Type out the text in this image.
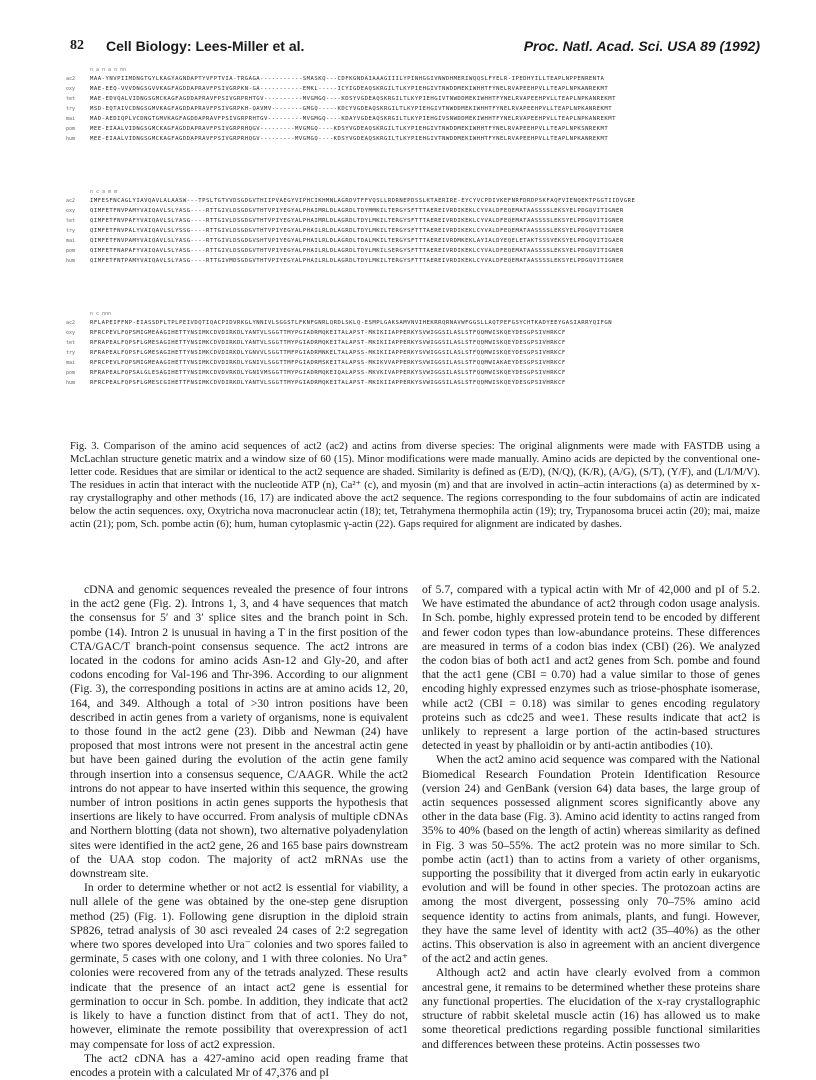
82 Cell Biology: Lees-Miller et al.	Proc. Natl. Acad. Sci. USA 89 (1992)
n a n a n nn
ac2	MAA-YNVPIIMDNGTGYLKAGYAGNDAPTYVFPTVIA-TRGAGA-----------SMASKQ---CDFKGNDAIAAAGIIILYPINHGGIVNWDHMERIWQQSLFYELR-IPEDHYILLTEAPLNPPENRENTA
oxy	MAE-EEQ-VVVDNGSGVVKAGFAGDDAPRAVFPSIVGRPKN-GA-----------EMKL-----ICYIGDEAQSKRGILTLKYPIEHGIVTNWDDMEKIWHHTFYNELRVAPEEHPVLLTEAPLNPKANREKMT
tet	MAE-EDVQALVIDNGSGMCKAGFAGDDAPRAVFPSIVGRPRHTGV----------MVGMGQ----KDSYVGDEAQSKRGILTLKYPIEHGIVTNWDDMEKIWHHTFYNELRVAPEEHPVLLTEAPLNPKANREKMT
try	MSD-EQTAIVCDNGSGMVKAGFAGDDAPRAVFPSIVGRPKH-QAVMV--------GMGQ-----KDCYVGDEAQSKRGILTLKYPIEHGIVTNWDDMEKIWHHTFYNELRVAPEEHPVLLTEAPLNPKANREKMT
mai	MAD-AEDIQPLVCDNGTGMVKAGFAGDDAPRAVFPSIVGRPRHTGV---------MVGMGQ----KDAYVGDEAQSKRGILTLKYPIEHGIVSNWDDMEKIWHHTFYNELRVAPEEHPVLLTEAPLNPKANREKMT
pom	MEE-EIAALVIDNGSGMCKAGFAGDDAPRAVFPSIVGRPRHQGV---------MVGMGQ----KDSYVGDEAQSKRGILTLKYPIEHGIVTNWDDMEKIWHHTFYNELRVAPEEHPVLLTEAPLNPKSNREKMT
hum	MEE-EIAALVIDNGSGMCKAGFAGDDAPRAVFPSIVGRPRHQGV---------MVGMGQ----KDSYVGDEAQSKRGILTLKYPIEHGIVTNWDDMEKIWHHTFYNELRVAPEEHPVLLTEAPLNPKANREKMT
n c a m m
ac2	IMFESFNCAGLYIAVQAVLALAASW---TPSLTGTVVDSGDGVTHIIPVAEGYVIPHCIKHMNLAGRDVTFFVQSLLRDRNEPDSSLKTAERIRE-EYCYVCPDIVKEFNRFDRDPSKFAQFVIENQEKTPGGTIIDVGRE
oxy	QIMFETFNVPAMYVAIQAVLSLYASG----RTTGIVLDSGDGVTHTVPIYEGYALPHAIMRLDLAGRDLTDYMMKILTERGYSFTTTAEREIVRDIKEKLCYVALDFEQEMATAASSSSLEKSYELPDGQVITIGNER
tet	QIMFETFNVPAFYVAIQAVLSLYASG----RTTGIVLDSGDGVTHTVPIYEGYALPHAIMRLDLAGRDLTDYLMKILTERGYSFTTTAEREIVRDIKEKLCYVALDFEQEMATAASSSSLEKSYELPDGQVITIGNER
try	QIMFETFNVPALYVAIQAVLSLYSSG----RTTGIVLDSGDGVTHTVPIYEGYALPHAILRLDLAGRDLTDYLMKILTERGYSFTTTAEREIVRDIKEKLCYVALDFEQEMATAASSSSLEKSYELPDGQVITIGNER
mai	QIMFETFNVPAMYVAIQAVLSLYASG----RTTGIVLDSGDGVSHTVPIYEGYALPHAILRLDLAGRDLTDALMKILTERGYSFTTTAEREIVRDMKEKLAYIALDYEQELETAKTSSSVEKSYELPDGQVITIGAER
pom	QIMFETFNAPAFYVAIQAVLSLYASG----RTTGIVLDSGDGVTHTVPIYEGYALPHAILRLDLAGRDLTDYLMKILSERGYSFTTTAEREIVRDIKEKLCYVALDFEQEMATAASSSSLEKSYELPDGQVITIGNER
hum	QIMFETFNTPAMYVAIQAVLSLYASG----RTTGIVMDSGDGVTHTVPIYEGYALPHAILRLDLAGRDLTDYLMKILTERGYSFTTTAEREIVRDIKEKLCYVALDFEQEMATAASSSSLEKSYELPDGQVITIGNER
n c nnn
ac2	RFLAPEIFFNP-EIASSDFLTPLPEIVDQTIQACPIDVRKGLYNNIVLSGGSTLFKNFGNRLQRDLSKLQ-ESMPLGAKSAMVNVIHEKRRQRNAVWFGGSLLAQTPEFGSYCHTKADYEEYGASIARRYQIFGN
oxy	RFRCPEVLFQPSMIGMEAAGIHETTYNSIMKCDVDIRKDLYANTVLSGGTTMYPGIADRMQKEITALAPST-MKIKIIAPPERKYSVWIGGSILASLSTFQQMWISKQEYDESGPSIVHRKCF
tet	RFRAPEALFQPSFLGMESAGIHETTYNSIMKCDVDIRKDLYANTVLSGGTTMYPGIADRMQKEITALAPST-MKIKIIAPPERKYSVWIGGSILASLSTFQQMWISKQEYDESGPSIVHRKCF
try	RFRAPEALFQPSFLGMESAGIHETTYNSIMKCDVDIRKDLYGNVVLSGGTTMFPGIADRMNKELTALAPSS-MKIKIIAPPERKYSVWIGGSILASLSTFQQMWISKQEYDESGPSIVHRKCF
mai	RFRCPEVLFQPSMIGMEAAGIHETTYNSIMKCDVDIRKDLYGNIVLSGGTTMFPGIADRMSKEITALAPSS-MKIKVVAPPERKYSVWIGGSILASLSTFQQMWIAKAEYDESGPSIVHRKCF
pom	RFRAPEALFQPSALGLESAGIHETTYNSIMKCDVDVRKDLYGNIVMSGGTTMYPGIADRMQKEIQALAPSS-MKVKIVAPPERKYSVWIGGSILASLSTFQQMWISKQEYDESGPSIVHRKCF
hum	RFRCPEALFQPSFLGMESCGIHETTFNSIMKCDVDIRKDLYANTVLSGGTTMYPGIADRMQKEITALAPST-MKIKIIAPPERKYSVWIGGSILASLSTFQQMWISKQEYDESGPSIVHRKCF
Fig. 3. Comparison of the amino acid sequences of act2 (ac2) and actins from diverse species: The original alignments were made with FASTDB using a McLachlan structure genetic matrix and a window size of 60 (15). Minor modifications were made manually. Amino acids are depicted by the conventional one-letter code. Residues that are similar or identical to the act2 sequence are shaded. Similarity is defined as (E/D), (N/Q), (K/R), (A/G), (S/T), (Y/F), and (L/I/M/V). The residues in actin that interact with the nucleotide ATP (n), Ca²⁺ (c), and myosin (m) and that are involved in actin–actin interactions (a) as determined by x-ray crystallography and other methods (16, 17) are indicated above the act2 sequence. The regions corresponding to the four subdomains of actin are indicated below the actin sequences. oxy, Oxytricha nova macronuclear actin (18); tet, Tetrahymena thermophila actin (19); try, Trypanosoma brucei actin (20); mai, maize actin (21); pom, Sch. pombe actin (6); hum, human cytoplasmic γ-actin (22). Gaps required for alignment are indicated by dashes.

cDNA and genomic sequences revealed the presence of four introns in the act2 gene (Fig. 2). Introns 1, 3, and 4 have sequences that match the consensus for 5′ and 3′ splice sites and the branch point in Sch. pombe (14). Intron 2 is unusual in having a T in the first position of the CTA/GAC/T branch-point consensus sequence. The act2 introns are located in the codons for amino acids Asn-12 and Gly-20, and after codons encoding for Val-196 and Thr-396. According to our alignment (Fig. 3), the corresponding positions in actins are at amino acids 12, 20, 164, and 349. Although a total of >30 intron positions have been described in actin genes from a variety of organisms, none is equivalent to those found in the act2 gene (23). Dibb and Newman (24) have proposed that most introns were not present in the ancestral actin gene but have been gained during the evolution of the actin gene family through insertion into a consensus sequence, C/AAGR. While the act2 introns do not appear to have inserted within this sequence, the growing number of intron positions in actin genes supports the hypothesis that insertions are likely to have occurred. From analysis of multiple cDNAs and Northern blotting (data not shown), two alternative polyadenylation sites were identified in the act2 gene, 26 and 165 base pairs downstream of the UAA stop codon. The majority of act2 mRNAs use the downstream site.

In order to determine whether or not act2 is essential for viability, a null allele of the gene was obtained by the one-step gene disruption method (25) (Fig. 1). Following gene disruption in the diploid strain SP826, tetrad analysis of 30 asci revealed 24 cases of 2:2 segregation where two spores developed into Ura⁻ colonies and two spores failed to germinate, 5 cases with one colony, and 1 with three colonies. No Ura⁺ colonies were recovered from any of the tetrads analyzed. These results indicate that the presence of an intact act2 gene is essential for germination to occur in Sch. pombe. In addition, they indicate that act2 is likely to have a function distinct from that of act1. They do not, however, eliminate the remote possibility that overexpression of act1 may compensate for loss of act2 expression.

The act2 cDNA has a 427-amino acid open reading frame that encodes a protein with a calculated Mr of 47,376 and pI

of 5.7, compared with a typical actin with Mr of 42,000 and pI of 5.2. We have estimated the abundance of act2 through codon usage analysis. In Sch. pombe, highly expressed protein tend to be encoded by different and fewer codon types than low-abundance proteins. These differences are measured in terms of a codon bias index (CBI) (26). We analyzed the codon bias of both act1 and act2 genes from Sch. pombe and found that the act1 gene (CBI = 0.70) had a value similar to those of genes encoding highly expressed enzymes such as triose-phosphate isomerase, while act2 (CBI = 0.18) was similar to genes encoding regulatory proteins such as cdc25 and wee1. These results indicate that act2 is unlikely to represent a large portion of the actin-based structures detected in yeast by phalloidin or by anti-actin antibodies (10).

When the act2 amino acid sequence was compared with the National Biomedical Research Foundation Protein Identification Resource (version 24) and GenBank (version 64) data bases, the large group of actin sequences possessed alignment scores significantly above any other in the data base (Fig. 3). Amino acid identity to actins ranged from 35% to 40% (based on the length of actin) whereas similarity as defined in Fig. 3 was 50–55%. The act2 protein was no more similar to Sch. pombe actin (act1) than to actins from a variety of other organisms, supporting the possibility that it diverged from actin early in eukaryotic evolution and will be found in other species. The protozoan actins are among the most divergent, possessing only 70–75% amino acid sequence identity to actins from animals, plants, and fungi. However, they have the same level of identity with act2 (35–40%) as the other actins. This observation is also in agreement with an ancient divergence of the act2 and actin genes.

Although act2 and actin have clearly evolved from a common ancestral gene, it remains to be determined whether these proteins share any functional properties. The elucidation of the x-ray crystallographic structure of rabbit skeletal muscle actin (16) has allowed us to make some theoretical predictions regarding possible functional similarities and differences between these proteins. Actin possesses two
